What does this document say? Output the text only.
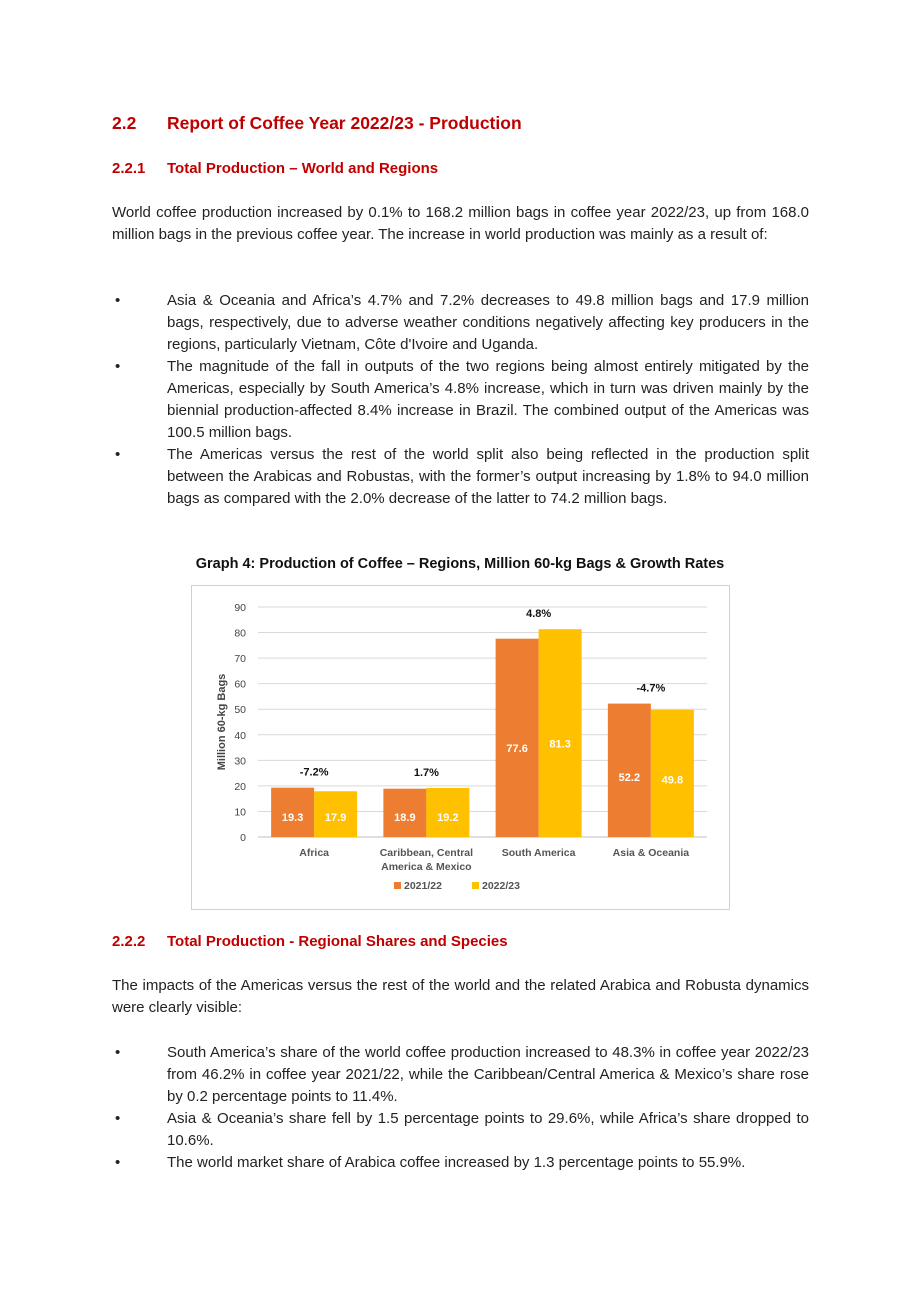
2.2 Report of Coffee Year 2022/23 - Production
2.2.1 Total Production – World and Regions

World coffee production increased by 0.1% to 168.2 million bags in coffee year 2022/23, up from 168.0 million bags in the previous coffee year. The increase in world production was mainly as a result of:

•	Asia & Oceania and Africa’s 4.7% and 7.2% decreases to 49.8 million bags and 17.9 million bags, respectively, due to adverse weather conditions negatively affecting key producers in the regions, particularly Vietnam, Côte d'Ivoire and Uganda.
•	The magnitude of the fall in outputs of the two regions being almost entirely mitigated by the Americas, especially by South America’s 4.8% increase, which in turn was driven mainly by the biennial production-affected 8.4% increase in Brazil. The combined output of the Americas was 100.5 million bags.
•	The Americas versus the rest of the world split also being reflected in the production split between the Arabicas and Robustas, with the former’s output increasing by 1.8% to 94.0 million bags as compared with the 2.0% decrease of the latter to 74.2 million bags.
Graph 4: Production of Coffee – Regions, Million 60-kg Bags & Growth Rates
0
10
20
30
40
50
60
70
80
90
Million 60-kg Bags
19.3 17.9
-7.2%
Africa
18.9 19.2
1.7%
Caribbean, Central
America & Mexico
77.6 81.3
4.8%
South America
52.2 49.8
-4.7%
Asia & Oceania
2021/22	2022/23
2.2.2 Total Production - Regional Shares and Species

The impacts of the Americas versus the rest of the world and the related Arabica and Robusta dynamics were clearly visible:

•	South America’s share of the world coffee production increased to 48.3% in coffee year 2022/23 from 46.2% in coffee year 2021/22, while the Caribbean/Central America & Mexico’s share rose by 0.2 percentage points to 11.4%.
•	Asia & Oceania’s share fell by 1.5 percentage points to 29.6%, while Africa’s share dropped to 10.6%.
•	The world market share of Arabica coffee increased by 1.3 percentage points to 55.9%.
